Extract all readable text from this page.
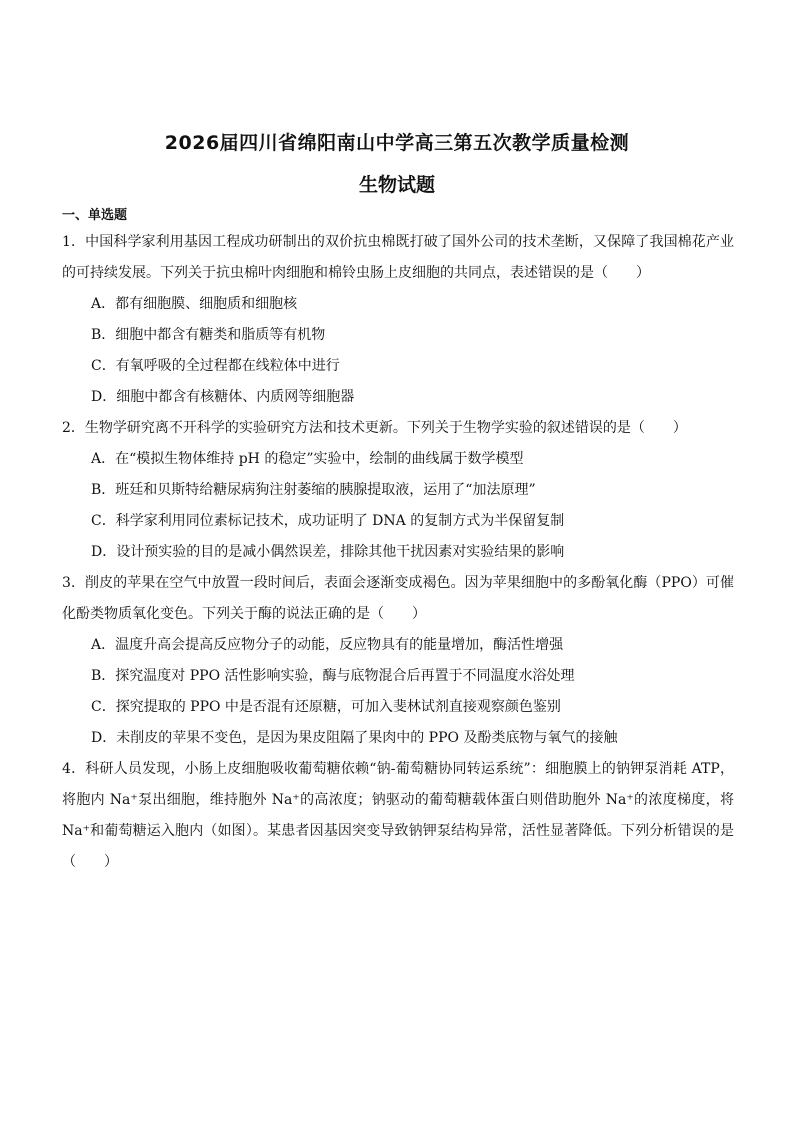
2026届四川省绵阳南山中学高三第五次教学质量检测
生物试题
一、单选题

1．中国科学家利用基因工程成功研制出的双价抗虫棉既打破了国外公司的技术垄断，又保障了我国棉花产业的可持续发展。下列关于抗虫棉叶肉细胞和棉铃虫肠上皮细胞的共同点，表述错误的是（　　）

A．都有细胞膜、细胞质和细胞核

B．细胞中都含有糖类和脂质等有机物

C．有氧呼吸的全过程都在线粒体中进行

D．细胞中都含有核糖体、内质网等细胞器

2．生物学研究离不开科学的实验研究方法和技术更新。下列关于生物学实验的叙述错误的是（　　）

A．在“模拟生物体维持 pH 的稳定”实验中，绘制的曲线属于数学模型

B．班廷和贝斯特给糖尿病狗注射萎缩的胰腺提取液，运用了“加法原理”

C．科学家利用同位素标记技术，成功证明了 DNA 的复制方式为半保留复制

D．设计预实验的目的是减小偶然误差，排除其他干扰因素对实验结果的影响

3．削皮的苹果在空气中放置一段时间后，表面会逐渐变成褐色。因为苹果细胞中的多酚氧化酶（PPO）可催化酚类物质氧化变色。下列关于酶的说法正确的是（　　）

A．温度升高会提高反应物分子的动能，反应物具有的能量增加，酶活性增强

B．探究温度对 PPO 活性影响实验，酶与底物混合后再置于不同温度水浴处理

C．探究提取的 PPO 中是否混有还原糖，可加入斐林试剂直接观察颜色鉴别

D．未削皮的苹果不变色，是因为果皮阻隔了果肉中的 PPO 及酚类底物与氧气的接触

4．科研人员发现，小肠上皮细胞吸收葡萄糖依赖“钠-葡萄糖协同转运系统”：细胞膜上的钠钾泵消耗 ATP，将胞内 Na⁺泵出细胞，维持胞外 Na⁺的高浓度；钠驱动的葡萄糖载体蛋白则借助胞外 Na⁺的浓度梯度，将 Na⁺和葡萄糖运入胞内（如图）。某患者因基因突变导致钠钾泵结构异常，活性显著降低。下列分析错误的是（　　）
